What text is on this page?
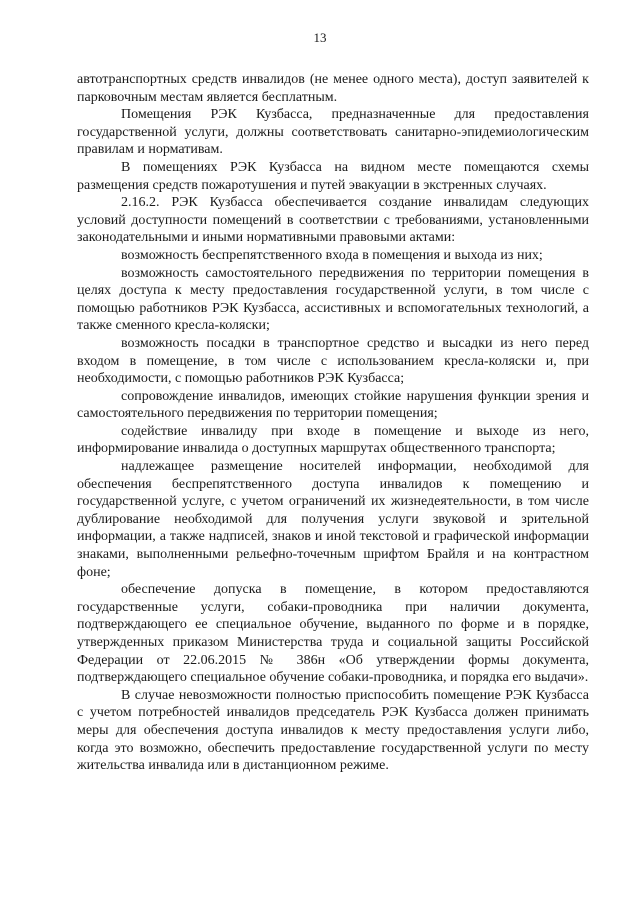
13

автотранспортных средств инвалидов (не менее одного места), доступ заявителей к парковочным местам является бесплатным.

Помещения РЭК Кузбасса, предназначенные для предоставления государственной услуги, должны соответствовать санитарно-эпидемиологическим правилам и нормативам.

В помещениях РЭК Кузбасса на видном месте помещаются схемы размещения средств пожаротушения и путей эвакуации в экстренных случаях.

2.16.2. РЭК Кузбасса обеспечивается создание инвалидам следующих условий доступности помещений в соответствии с требованиями, установленными законодательными и иными нормативными правовыми актами:

возможность беспрепятственного входа в помещения и выхода из них;

возможность самостоятельного передвижения по территории помещения в целях доступа к месту предоставления государственной услуги, в том числе с помощью работников РЭК Кузбасса, ассистивных и вспомогательных технологий, а также сменного кресла-коляски;

возможность посадки в транспортное средство и высадки из него перед входом в помещение, в том числе с использованием кресла-коляски и, при необходимости, с помощью работников РЭК Кузбасса;

сопровождение инвалидов, имеющих стойкие нарушения функции зрения и самостоятельного передвижения по территории помещения;

содействие инвалиду при входе в помещение и выходе из него, информирование инвалида о доступных маршрутах общественного транспорта;

надлежащее размещение носителей информации, необходимой для обеспечения беспрепятственного доступа инвалидов к помещению и государственной услуге, с учетом ограничений их жизнедеятельности, в том числе дублирование необходимой для получения услуги звуковой и зрительной информации, а также надписей, знаков и иной текстовой и графической информации знаками, выполненными рельефно-точечным шрифтом Брайля и на контрастном фоне;

обеспечение допуска в помещение, в котором предоставляются государственные услуги, собаки-проводника при наличии документа, подтверждающего ее специальное обучение, выданного по форме и в порядке, утвержденных приказом Министерства труда и социальной защиты Российской Федерации от 22.06.2015 № 386н «Об утверждении формы документа, подтверждающего специальное обучение собаки-проводника, и порядка его выдачи».

В случае невозможности полностью приспособить помещение РЭК Кузбасса с учетом потребностей инвалидов председатель РЭК Кузбасса должен принимать меры для обеспечения доступа инвалидов к месту предоставления услуги либо, когда это возможно, обеспечить предоставление государственной услуги по месту жительства инвалида или в дистанционном режиме.
